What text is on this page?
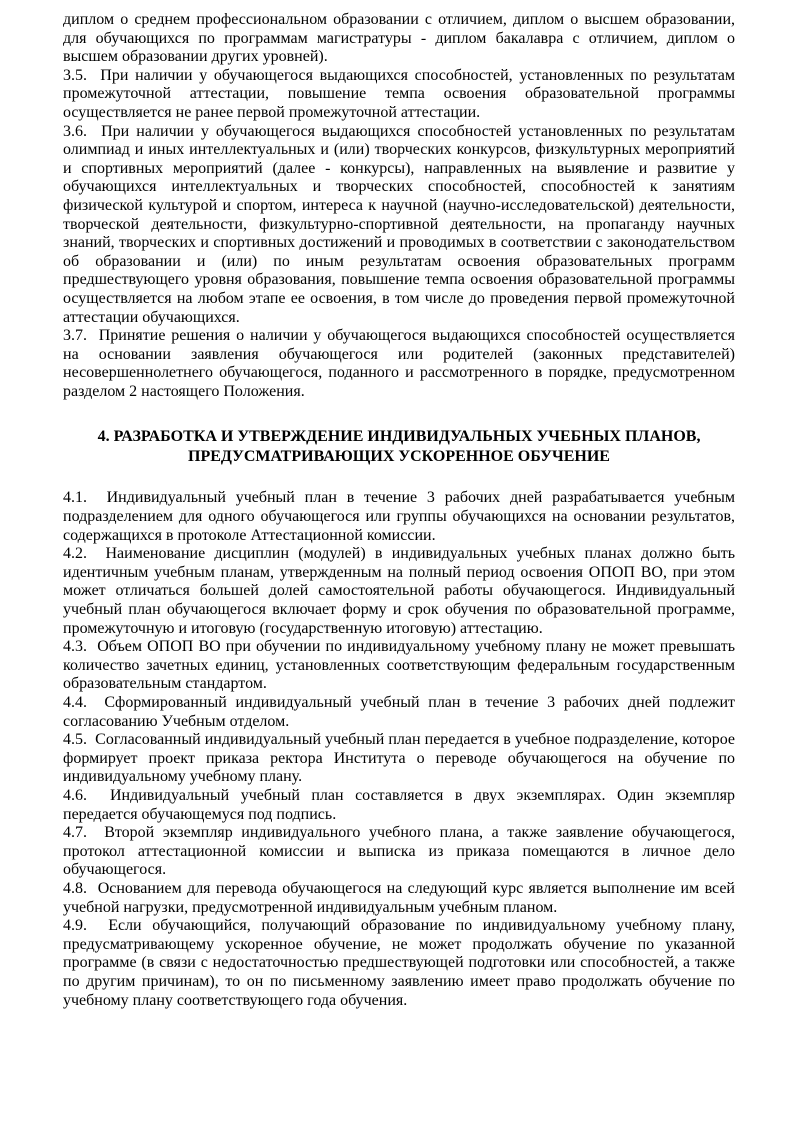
диплом о среднем профессиональном образовании с отличием, диплом о высшем образовании, для обучающихся по программам магистратуры - диплом бакалавра с отличием, диплом о высшем образовании других уровней).

3.5.  При наличии у обучающегося выдающихся способностей, установленных по результатам промежуточной аттестации, повышение темпа освоения образовательной программы осуществляется не ранее первой промежуточной аттестации.

3.6.  При наличии у обучающегося выдающихся способностей установленных по результатам олимпиад и иных интеллектуальных и (или) творческих конкурсов, физкультурных мероприятий и спортивных мероприятий (далее - конкурсы), направленных на выявление и развитие у обучающихся интеллектуальных и творческих способностей, способностей к занятиям физической культурой и спортом, интереса к научной (научно-исследовательской) деятельности, творческой деятельности, физкультурно-спортивной деятельности, на пропаганду научных знаний, творческих и спортивных достижений и проводимых в соответствии с законодательством об образовании и (или) по иным результатам освоения образовательных программ предшествующего уровня образования, повышение темпа освоения образовательной программы осуществляется на любом этапе ее освоения, в том числе до проведения первой промежуточной аттестации обучающихся.

3.7.  Принятие решения о наличии у обучающегося выдающихся способностей осуществляется на основании заявления обучающегося или родителей (законных представителей) несовершеннолетнего обучающегося, поданного и рассмотренного в порядке, предусмотренном разделом 2 настоящего Положения.

4. РАЗРАБОТКА И УТВЕРЖДЕНИЕ ИНДИВИДУАЛЬНЫХ УЧЕБНЫХ ПЛАНОВ,
ПРЕДУСМАТРИВАЮЩИХ УСКОРЕННОЕ ОБУЧЕНИЕ

4.1.  Индивидуальный учебный план в течение 3 рабочих дней разрабатывается учебным подразделением для одного обучающегося или группы обучающихся на основании результатов, содержащихся в протоколе Аттестационной комиссии.

4.2.  Наименование дисциплин (модулей) в индивидуальных учебных планах должно быть идентичным учебным планам, утвержденным на полный период освоения ОПОП ВО, при этом может отличаться большей долей самостоятельной работы обучающегося. Индивидуальный учебный план обучающегося включает форму и срок обучения по образовательной программе, промежуточную и итоговую (государственную итоговую) аттестацию.

4.3.  Объем ОПОП ВО при обучении по индивидуальному учебному плану не может превышать количество зачетных единиц, установленных соответствующим федеральным государственным образовательным стандартом.

4.4.  Сформированный индивидуальный учебный план в течение 3 рабочих дней подлежит согласованию Учебным отделом.

4.5.  Согласованный индивидуальный учебный план передается в учебное подразделение, которое формирует проект приказа ректора Института о переводе обучающегося на обучение по индивидуальному учебному плану.

4.6.  Индивидуальный учебный план составляется в двух экземплярах. Один экземпляр передается обучающемуся под подпись.

4.7.  Второй экземпляр индивидуального учебного плана, а также заявление обучающегося, протокол аттестационной комиссии и выписка из приказа помещаются в личное дело обучающегося.

4.8.  Основанием для перевода обучающегося на следующий курс является выполнение им всей учебной нагрузки, предусмотренной индивидуальным учебным планом.

4.9.  Если обучающийся, получающий образование по индивидуальному учебному плану, предусматривающему ускоренное обучение, не может продолжать обучение по указанной программе (в связи с недостаточностью предшествующей подготовки или способностей, а также по другим причинам), то он по письменному заявлению имеет право продолжать обучение по учебному плану соответствующего года обучения.
